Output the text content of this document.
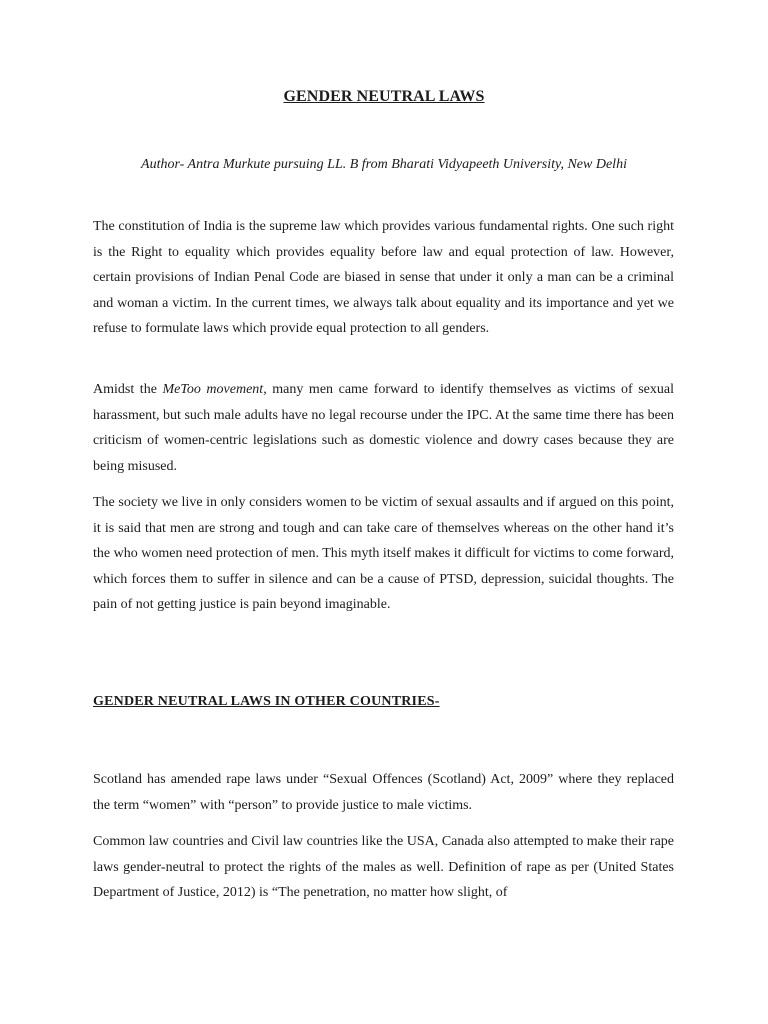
GENDER NEUTRAL LAWS
Author- Antra Murkute pursuing LL. B from Bharati Vidyapeeth University, New Delhi

The constitution of India is the supreme law which provides various fundamental rights. One such right is the Right to equality which provides equality before law and equal protection of law. However, certain provisions of Indian Penal Code are biased in sense that under it only a man can be a criminal and woman a victim. In the current times, we always talk about equality and its importance and yet we refuse to formulate laws which provide equal protection to all genders.

Amidst the MeToo movement, many men came forward to identify themselves as victims of sexual harassment, but such male adults have no legal recourse under the IPC. At the same time there has been criticism of women-centric legislations such as domestic violence and dowry cases because they are being misused.

The society we live in only considers women to be victim of sexual assaults and if argued on this point, it is said that men are strong and tough and can take care of themselves whereas on the other hand it’s the who women need protection of men. This myth itself makes it difficult for victims to come forward, which forces them to suffer in silence and can be a cause of PTSD, depression, suicidal thoughts. The pain of not getting justice is pain beyond imaginable.

GENDER NEUTRAL LAWS IN OTHER COUNTRIES-

Scotland has amended rape laws under “Sexual Offences (Scotland) Act, 2009” where they replaced the term “women” with “person” to provide justice to male victims.

Common law countries and Civil law countries like the USA, Canada also attempted to make their rape laws gender-neutral to protect the rights of the males as well. Definition of rape as per (United States Department of Justice, 2012) is “The penetration, no matter how slight, of
